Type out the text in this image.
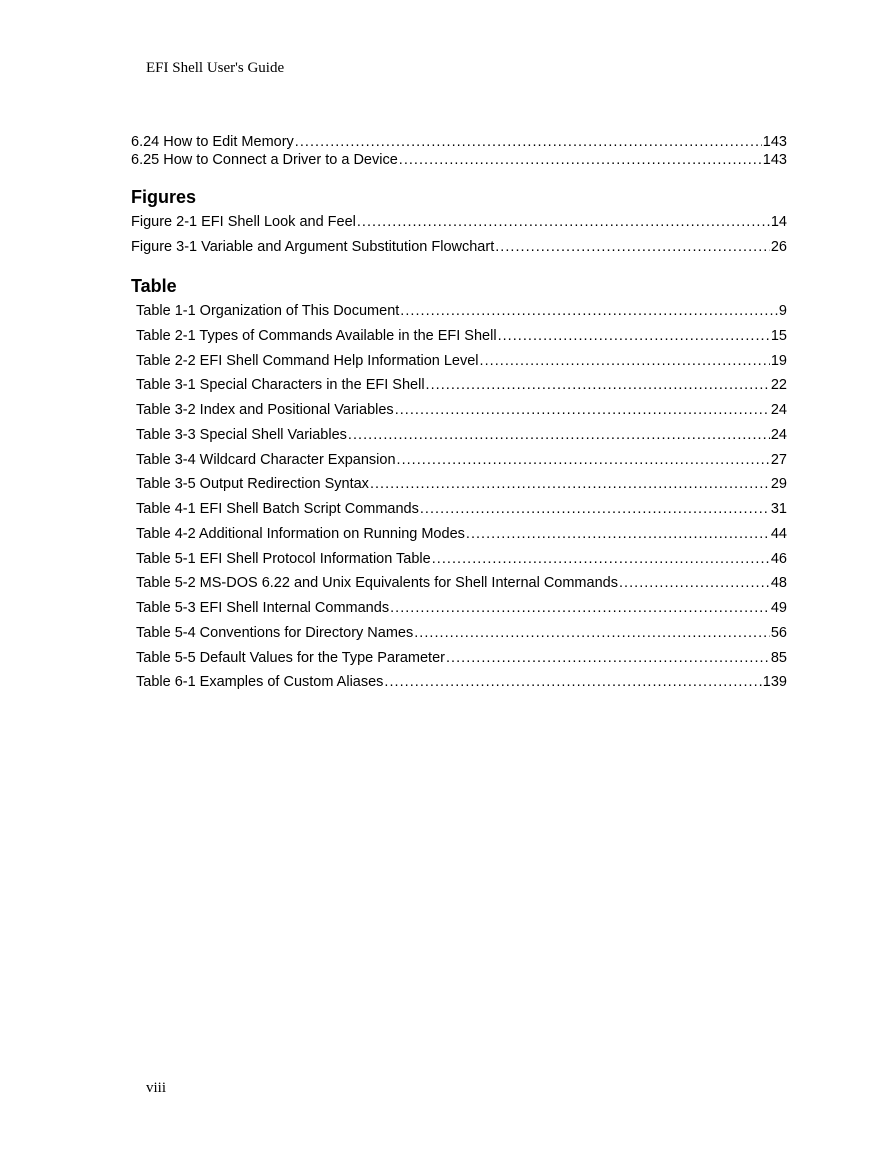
EFI Shell User's Guide
6.24 How to Edit Memory . . .	143
6.25 How to Connect a Driver to a Device . . .	143
Figures
Figure 2-1 EFI Shell Look and Feel . . .	14
Figure 3-1 Variable and Argument Substitution Flowchart . . .	26
Table
Table 1-1 Organization of This Document . . .	9
Table 2-1 Types of Commands Available in the EFI Shell . . .	15
Table 2-2 EFI Shell Command Help Information Level . . .	19
Table 3-1 Special Characters in the EFI Shell . . .	22
Table 3-2 Index and Positional Variables . . .	24
Table 3-3 Special Shell Variables . . .	24
Table 3-4 Wildcard Character Expansion . . .	27
Table 3-5 Output Redirection Syntax . . .	29
Table 4-1 EFI Shell Batch Script Commands . . .	31
Table 4-2 Additional Information on Running Modes . . .	44
Table 5-1 EFI Shell Protocol Information Table . . .	46
Table 5-2 MS-DOS 6.22 and Unix Equivalents for Shell Internal Commands . . .	48
Table 5-3 EFI Shell Internal Commands . . .	49
Table 5-4 Conventions for Directory Names . . .	56
Table 5-5 Default Values for the Type Parameter . . .	85
Table 6-1 Examples of Custom Aliases . . .	139
viii
